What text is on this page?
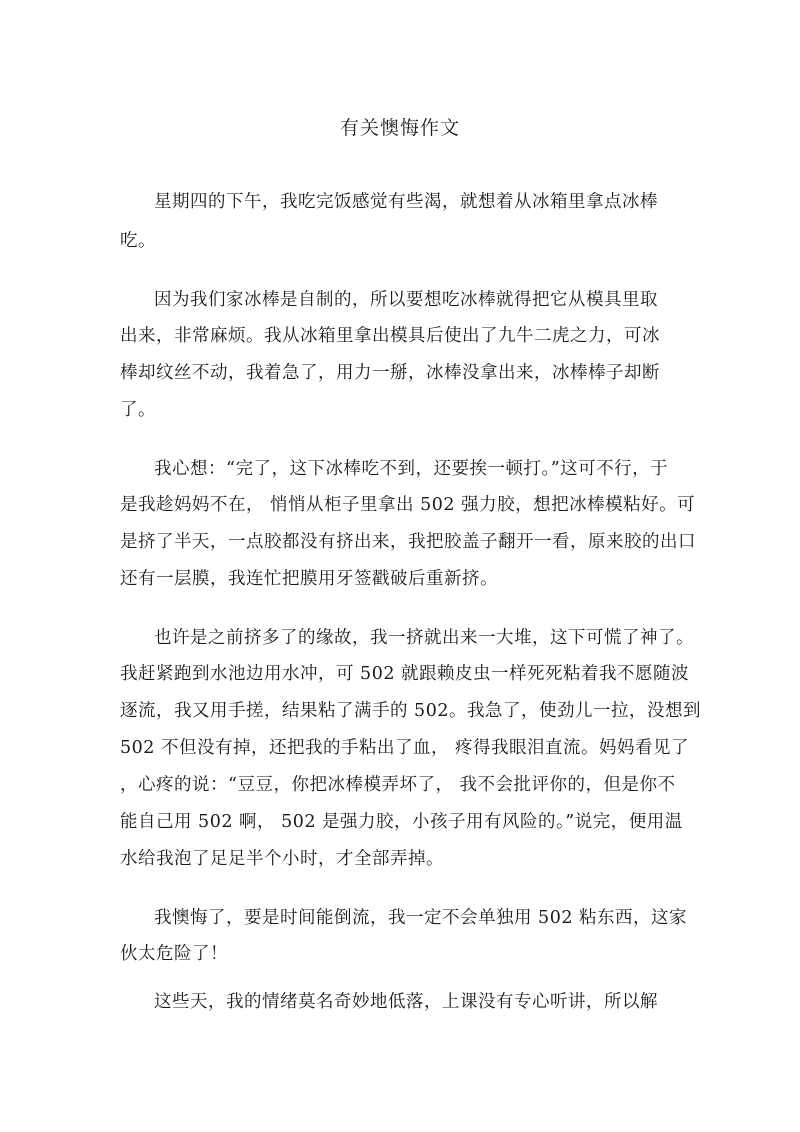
有关懊悔作文
星期四的下午，我吃完饭感觉有些渴，就想着从冰箱里拿点冰棒
吃。
因为我们家冰棒是自制的，所以要想吃冰棒就得把它从模具里取
出来，非常麻烦。我从冰箱里拿出模具后使出了九牛二虎之力，可冰
棒却纹丝不动，我着急了，用力一掰，冰棒没拿出来，冰棒棒子却断
了。
我心想：“完了，这下冰棒吃不到，还要挨一顿打。”这可不行，于
是我趁妈妈不在， 悄悄从柜子里拿出 502 强力胶，想把冰棒模粘好。可
是挤了半天，一点胶都没有挤出来，我把胶盖子翻开一看，原来胶的出口
还有一层膜，我连忙把膜用牙签戳破后重新挤。
也许是之前挤多了的缘故，我一挤就出来一大堆，这下可慌了神了。
我赶紧跑到水池边用水冲，可 502 就跟赖皮虫一样死死粘着我不愿随波
逐流，我又用手搓，结果粘了满手的 502。我急了，使劲儿一拉，没想到
502 不但没有掉，还把我的手粘出了血， 疼得我眼泪直流。妈妈看见了
，心疼的说：“豆豆，你把冰棒模弄坏了， 我不会批评你的，但是你不
能自己用 502 啊， 502 是强力胶，小孩子用有风险的。”说完，便用温
水给我泡了足足半个小时，才全部弄掉。
我懊悔了，要是时间能倒流，我一定不会单独用 502 粘东西，这家
伙太危险了！
这些天，我的情绪莫名奇妙地低落，上课没有专心听讲，所以解
